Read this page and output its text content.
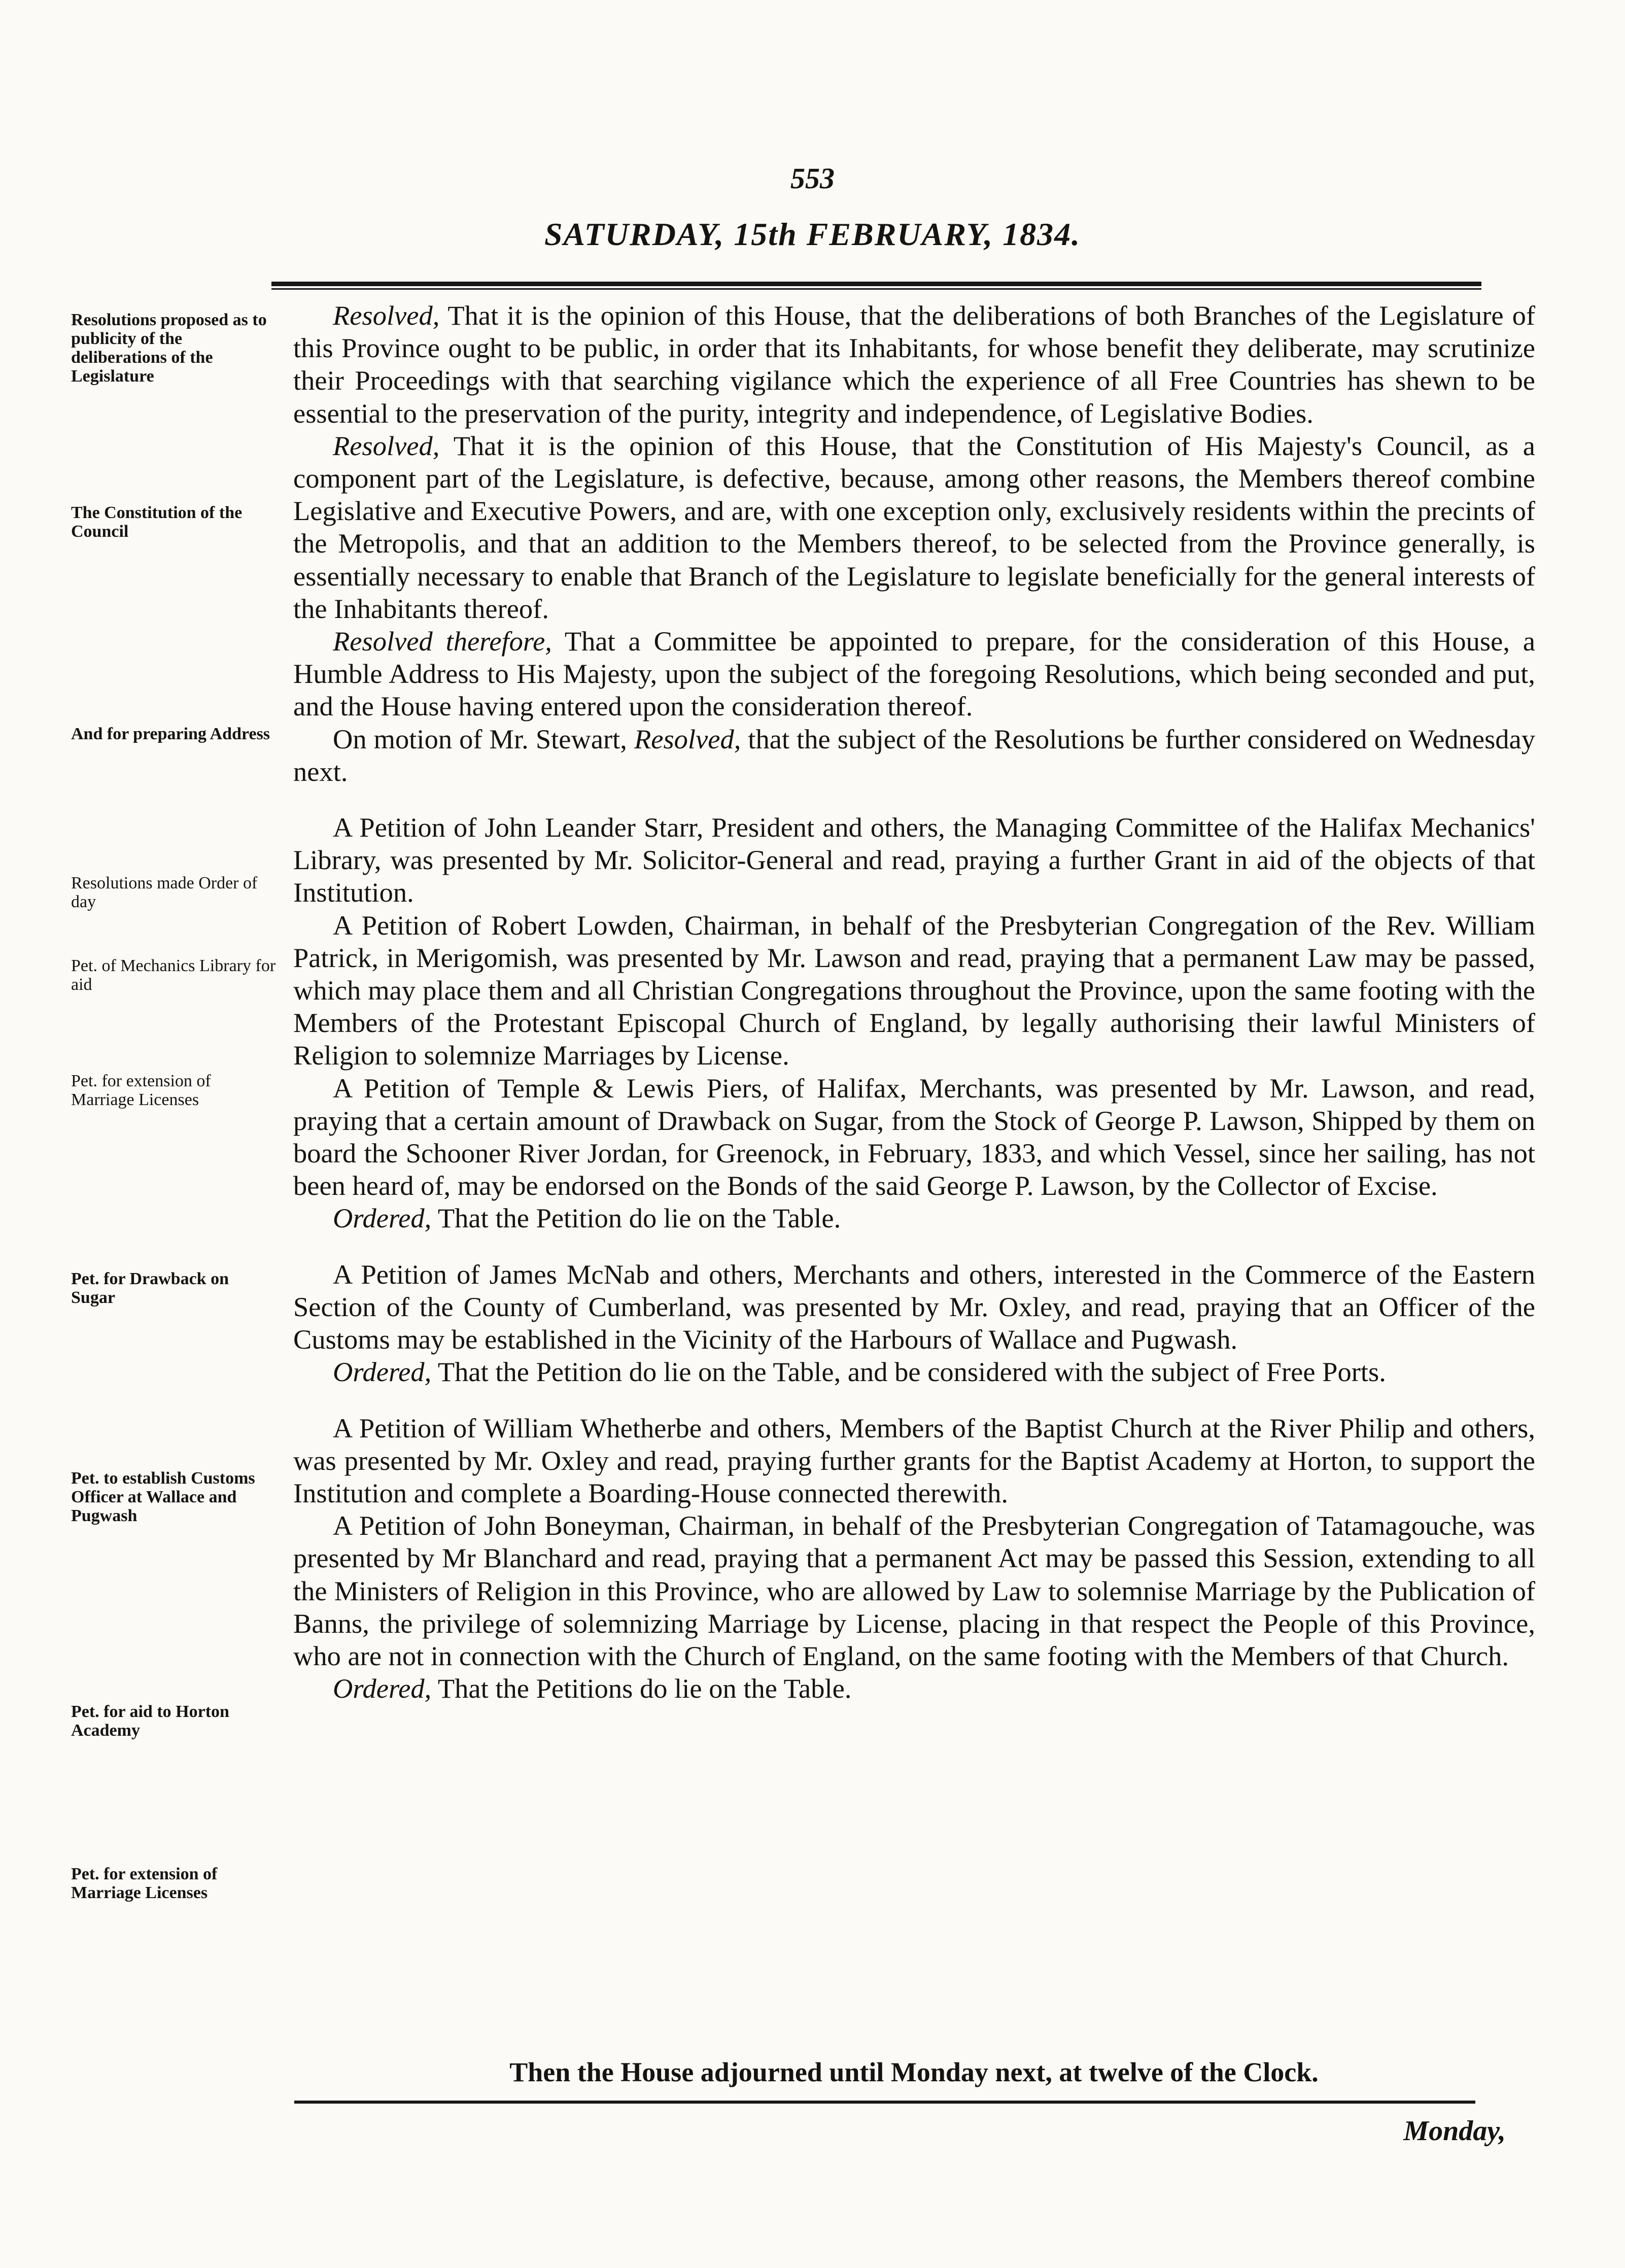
553
SATURDAY, 15th FEBRUARY, 1834.
Resolutions proposed as to publicity of the deliberations of the Legislature
The Constitution of the Council
And for preparing Address
Resolutions made Order of day
Pet. of Mechanics Library for aid
Pet. for extension of Marriage Licenses
Pet. for Drawback on Sugar
Pet. to establish Customs Officer at Wallace and Pugwash
Pet. for aid to Horton Academy
Pet. for extension of Marriage Licenses

Resolved, That it is the opinion of this House, that the deliberations of both Branches of the Legislature of this Province ought to be public, in order that its Inhabitants, for whose benefit they deliberate, may scrutinize their Proceedings with that searching vigilance which the experience of all Free Countries has shewn to be essential to the preservation of the purity, integrity and independence, of Legislative Bodies.

Resolved, That it is the opinion of this House, that the Constitution of His Majesty's Council, as a component part of the Legislature, is defective, because, among other reasons, the Members thereof combine Legislative and Executive Powers, and are, with one exception only, exclusively residents within the precints of the Metropolis, and that an addition to the Members thereof, to be selected from the Province generally, is essentially necessary to enable that Branch of the Legislature to legislate beneficially for the general interests of the Inhabitants thereof.

Resolved therefore, That a Committee be appointed to prepare, for the consideration of this House, a Humble Address to His Majesty, upon the subject of the foregoing Resolutions, which being seconded and put, and the House having entered upon the consideration thereof.

On motion of Mr. Stewart, Resolved, that the subject of the Resolutions be further considered on Wednesday next.

A Petition of John Leander Starr, President and others, the Managing Committee of the Halifax Mechanics' Library, was presented by Mr. Solicitor-General and read, praying a further Grant in aid of the objects of that Institution.

A Petition of Robert Lowden, Chairman, in behalf of the Presbyterian Congregation of the Rev. William Patrick, in Merigomish, was presented by Mr. Lawson and read, praying that a permanent Law may be passed, which may place them and all Christian Congregations throughout the Province, upon the same footing with the Members of the Protestant Episcopal Church of England, by legally authorising their lawful Ministers of Religion to solemnize Marriages by License.

A Petition of Temple & Lewis Piers, of Halifax, Merchants, was presented by Mr. Lawson, and read, praying that a certain amount of Drawback on Sugar, from the Stock of George P. Lawson, Shipped by them on board the Schooner River Jordan, for Greenock, in February, 1833, and which Vessel, since her sailing, has not been heard of, may be endorsed on the Bonds of the said George P. Lawson, by the Collector of Excise.

Ordered, That the Petition do lie on the Table.

A Petition of James McNab and others, Merchants and others, interested in the Commerce of the Eastern Section of the County of Cumberland, was presented by Mr. Oxley, and read, praying that an Officer of the Customs may be established in the Vicinity of the Harbours of Wallace and Pugwash.

Ordered, That the Petition do lie on the Table, and be considered with the subject of Free Ports.

A Petition of William Whetherbe and others, Members of the Baptist Church at the River Philip and others, was presented by Mr. Oxley and read, praying further grants for the Baptist Academy at Horton, to support the Institution and complete a Boarding-House connected therewith.

A Petition of John Boneyman, Chairman, in behalf of the Presbyterian Congregation of Tatamagouche, was presented by Mr Blanchard and read, praying that a permanent Act may be passed this Session, extending to all the Ministers of Religion in this Province, who are allowed by Law to solemnise Marriage by the Publication of Banns, the privilege of solemnizing Marriage by License, placing in that respect the People of this Province, who are not in connection with the Church of England, on the same footing with the Members of that Church.

Ordered, That the Petitions do lie on the Table.

Then the House adjourned until Monday next, at twelve of the Clock.
Monday,
